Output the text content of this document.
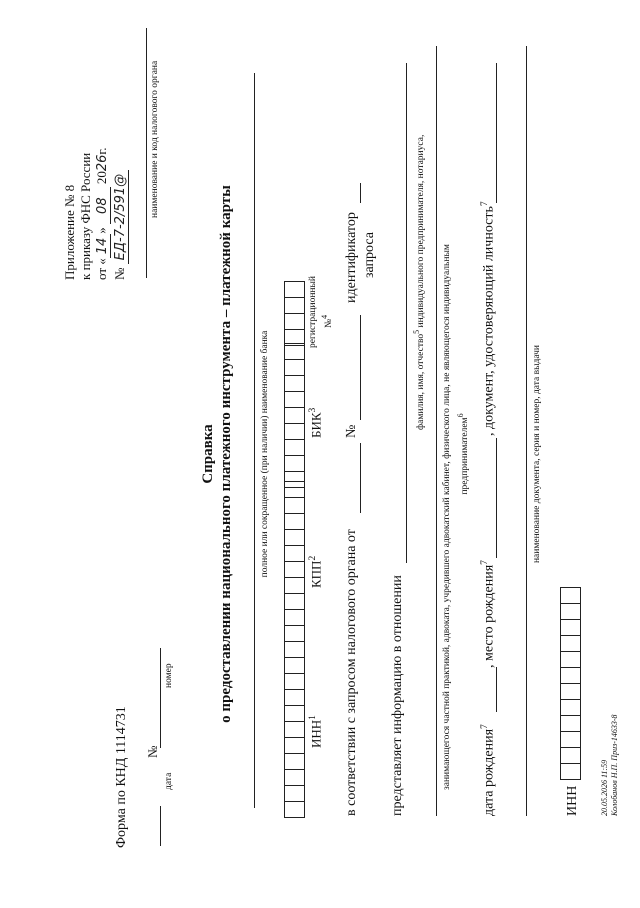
Приложение № 8 к приказу ФНС России от «14» 08 2026г.
№ ЕД-7-2/591@ наименование и код налогового органа
Форма по КНД 1114731 №
дата
номер
Справка о предоставлении национального платежного инструмента – платежной карты	полное или сокращенное (при наличии) наименование банка
ИНН$^1$
КПП$^2$
БИК$^3$
регистрационный №$^4$
в соответствии с запросом налогового органа от
№
идентификатор запроса
представляет информацию в отношении
фамилия, имя, отчество$^5$ индивидуального предпринимателя, нотариуса,
занимающегося частной практикой, адвоката, учредившего адвокатский кабинет, физического лица, не являющегося индивидуальным предпринимателем$^6$
дата рождения$^7$
, место рождения$^7$
, документ, удостоверяющий личность$^7$
наименование документа, серия и номер, дата выдачи
ИНН	20.05.2026 11:59 Колобанов Н.П. Приз-14633-8
